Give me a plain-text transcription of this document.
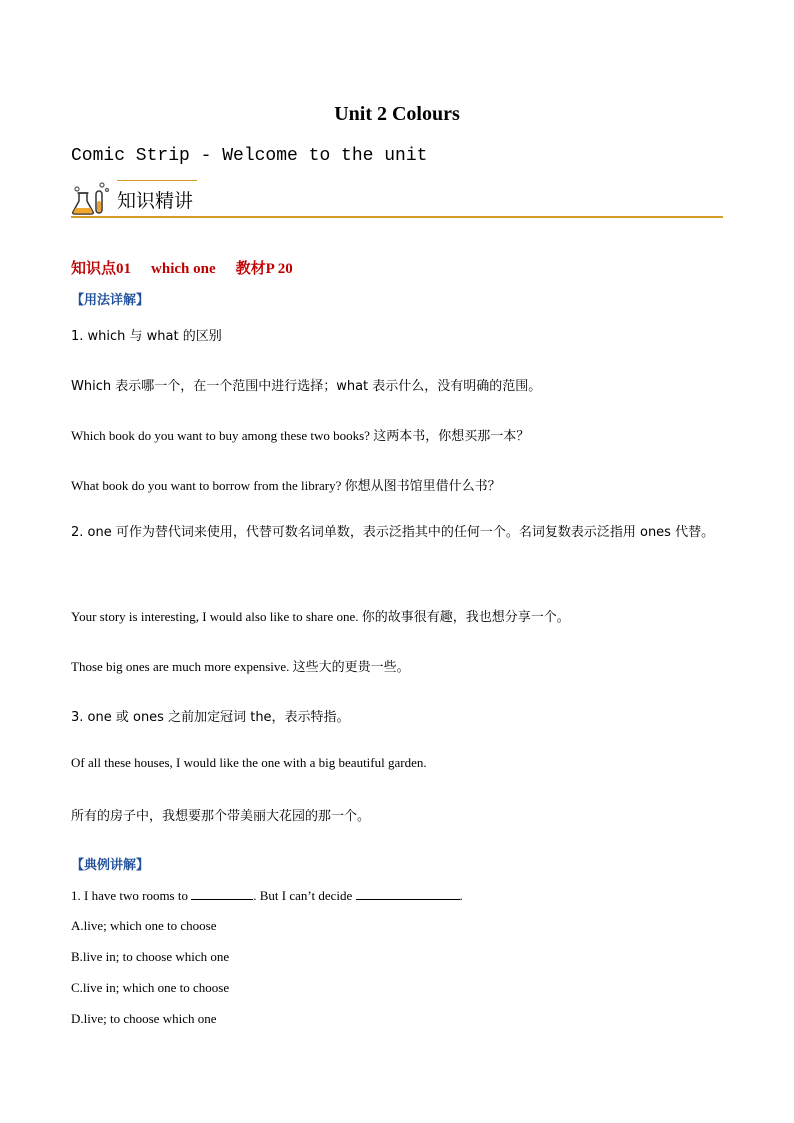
Unit 2 Colours
Comic Strip - Welcome to the unit
知识精讲
知识点01 which one 教材P 20
【用法详解】
1. which 与 what 的区别
Which 表示哪一个，在一个范围中进行选择；what 表示什么，没有明确的范围。
Which book do you want to buy among these two books? 这两本书，你想买那一本？
What book do you want to borrow from the library? 你想从图书馆里借什么书？
2. one 可作为替代词来使用，代替可数名词单数，表示泛指其中的任何一个。名词复数表示泛指用 ones 代替。
Your story is interesting, I would also like to share one. 你的故事很有趣，我也想分享一个。
Those big ones are much more expensive. 这些大的更贵一些。
3. one 或 ones 之前加定冠词 the，表示特指。
Of all these houses, I would like the one with a big beautiful garden.
所有的房子中，我想要那个带美丽大花园的那一个。
【典例讲解】
1. I have two rooms to	. But I can’t decide	.
A.live; which one to choose
B.live in; to choose which one
C.live in; which one to choose
D.live; to choose which one
